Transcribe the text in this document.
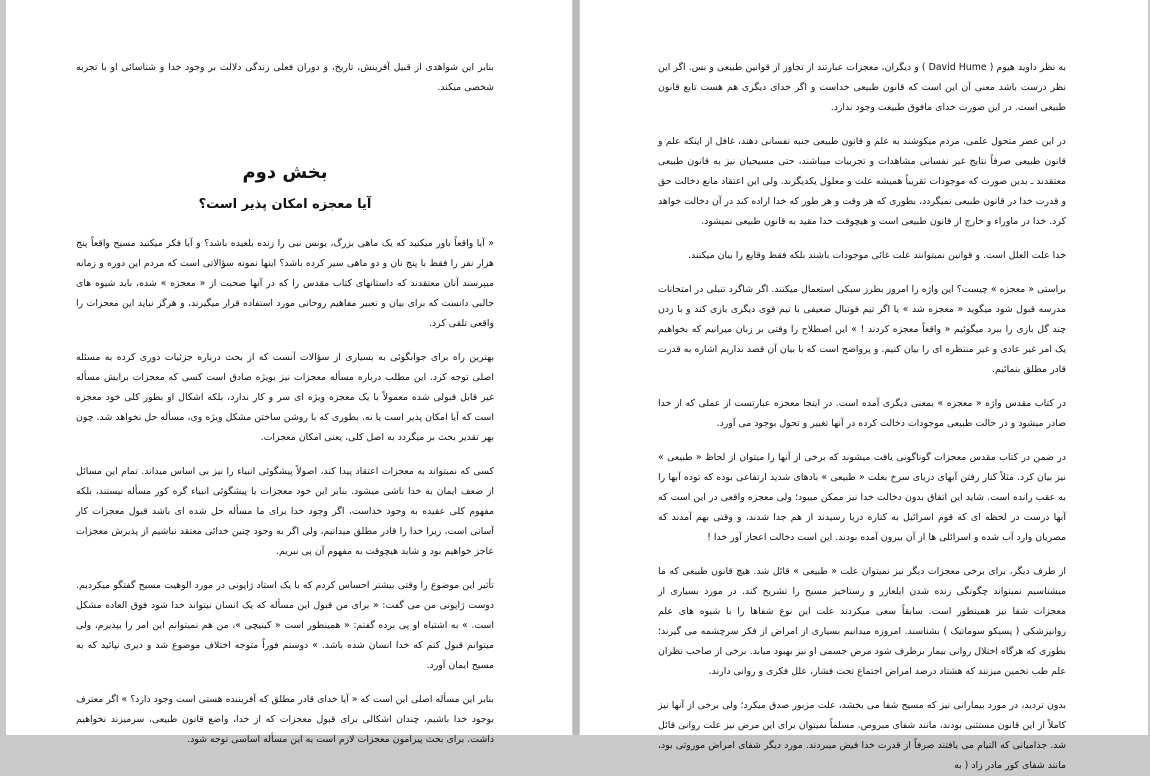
بنابر این شواهدی از قبیل آفرینش، تاریخ، و دوران فعلی زندگی دلالت بر وجود خدا و شناسائی او با تجربه شخصی میکند.

بخش دوم
آیا معجزه امکان پذیر است؟

« آیا واقعاً باور میکنید که یک ماهی بزرگ، یونس نبی را زنده بلعیده باشد؟ و آیا فکر میکنید مسیح واقعاً پنج هزار نفر را فقط با پنج نان و دو ماهی سیر کرده باشد؟ اینها نمونه سؤالاتی است که مردم این دوره و زمانه میپرسند آنان معتقدند که داستانهای کتاب مقدس را که در آنها صحبت از « معجزه » شده، باید شیوه های جالبی دانست که برای بیان و تعبیر مفاهیم روحانی مورد استفاده قرار میگیرند، و هرگز نباید این معجزات را واقعی تلقی کرد.

بهترین راه برای جوابگوئی به بسیاری از سؤالات آنست که از بحث درباره جزئیات دوری کرده به مسئله اصلی توجه کرد. این مطلب درباره مسأله معجزات نیز بویژه صادق است کسی که معجزات برایش مسأله غیر قابل قبولی شده معمولاً با یک معجزه ویژه ای سر و کار ندارد، بلکه اشکال او بطور کلی خود معجزه است که آیا امکان پذیر است یا نه. بطوری که با روشن ساختن مشکل ویژه وی، مسأله حل نخواهد شد. چون بهر تقدیر بحث بر میگردد به اصل کلی، یعنی امکان معجزات.

کسی که نمیتواند به معجزات اعتقاد پیدا کند، اصولاً پیشگوئی انبیاء را نیز بی اساس میداند. تمام این مسائل از ضعف ایمان به خدا ناشی میشود. بنابر این خود معجزات یا پیشگوئی انبیاء گره کور مسأله نیستند، بلکه مفهوم کلی عقیده به وجود خداست، اگر وجود خدا برای ما مسأله حل شده ای باشد قبول معجزات کار آسانی است، زیرا خدا را قادر مطلق میدانیم، ولی اگر به وجود چنین خدائی معتقد نباشیم از پذیرش معجزات عاجز خواهیم بود و شاید هیچوقت به مفهوم آن پی نبریم.

تأثیر این موضوع را وقتی بیشتر احساس کردم که با یک استاد ژاپونی در مورد الوهیت مسیح گفتگو میکردیم. دوست ژاپونی من می گفت: « برای من قبول این مسأله که یک انسان نیتواند خدا شود فوق العاده مشکل است. » به اشتباه او پی برده گفتم: « همینطور است « کینیچی »، من هم نمیتوانم این امر را بپذیرم، ولی میتوانم قبول کنم که خدا انسان شده باشد. » دوستم فوراً متوجه اختلاف موضوع شد و دیری نپائید که به مسیح ایمان آورد.

بنابر این مسأله اصلی این است که « آیا خدای قادر مطلق که آفریننده هستی است وجود دارد؟ » اگر معترف بوجود خدا باشیم، چندان اشکالی برای قبول معجزات که از خدا، واضع قانون طبیعی، سرمیزند نخواهیم داشت. برای بحث پیرامون معجزات لازم است به این مسأله اساسی توجه شود.

به نظر داوید هیوم ( David Hume ) و دیگران، معجزات عبارتند از تجاوز از قوانین طبیعی و بس. اگر این نظر درست باشد معنی آن این است که قانون طبیعی خداست و اگر خدای دیگری هم هست تابع قانون طبیعی است. در این صورت خدای مافوق طبیعت وجود ندارد.

در این عصر متحول علمی، مردم میکوشند به علم و قانون طبیعی جنبه نفسانی دهند، غافل از اینکه علم و قانون طبیعی صرفاً نتایج غیر نفسانی مشاهدات و تجربیات میباشند، حتی مسیحیان نیز به قانون طبیعی معتقدند ـ بدین صورت که موجودات تقریباً همیشه علت و معلول یکدیگرند. ولی این اعتقاد مانع دخالت حق و قدرت خدا در قانون طبیعی نمیگردد، بطوری که هر وقت و هر طور که خدا اراده کند در آن دخالت خواهد کرد. خدا در ماوراء و خارج از قانون طبیعی است و هیچوقت خدا مقید به قانون طبیعی نمیشود.

خدا علت العلل است. و قوانین نمیتوانند علت غائی موجودات باشند بلکه فقط وقایع را بیان میکنند.

براستی « معجزه » چیست؟ این واژه را امروز بطرز سبکی استعمال میکنند. اگر شاگرد تنبلی در امتحانات مدرسه قبول شود میگوید « معجزه شد » یا اگر تیم فوتبال ضعیفی با تیم قوی دیگری بازی کند و با زدن چند گل بازی را ببرد میگوئیم « واقعاً معجزه کردند ! » این اصطلاح را وقتی بر زبان میرانیم که بخواهیم یک امر غیر عادی و غیر منتظره ای را بیان کنیم. و پرواضح است که با بیان آن قصد نداریم اشاره به قدرت قادر مطلق بنمائیم.

در کتاب مقدس واژه « معجزه » بمعنی دیگری آمده است. در اینجا معجزه عبارتست از عملی که از خدا صادر میشود و در حالت طبیعی موجودات دخالت کرده در آنها تغییر و تحول بوجود می آورد.

در ضمن در کتاب مقدس معجزات گوناگونی یافت میشوند که برخی از آنها را میتوان از لحاظ « طبیعی » نیز بیان کرد. مثلاً کنار رفتن آبهای دریای سرخ بعلت « طبیعی » بادهای شدید ارتفاعی بوده که توده آبها را به عقب رانده است. شاید این اتفاق بدون دخالت خدا نیز ممکن میبود؛ ولی معجزه واقعی در این است که آبها درست در لحظه ای که قوم اسرائیل به کناره دریا رسیدند از هم جدا شدند، و وقتی بهم آمدند که مصریان وارد آب شده و اسرائلی ها از آن بیرون آمده بودند. این است دخالت اعجاز آور خدا !

از طرف دیگر، برای برخی معجزات دیگر نیز نمیتوان علت « طبیعی » قائل شد. هیچ قانون طبیعی که ما میشناسیم نمیتواند چگونگی زنده شدن ایلعازر و رستاخیز مسیح را تشریح کند. در مورد بسیاری از معجزات شفا نیز همینطور است. سابقاً سعی میکردند علت این نوع شفاها را با شیوه های علم روانپزشکی ( پسیکو سوماتیک ) بشناسند. امروزه میدانیم بسیاری از امراض از فکر سرچشمه می گیرند؛ بطوری که هرگاه اختلال روانی بیمار برطرف شود مرض جسمی او نیز بهبود میابد. برخی از صاحب نظران علم طب تخمین میزنند که هشتاد درصد امراض اجتماع تحت فشار، علل فکری و روانی دارند.

بدون تردید، در مورد بیمارانی نیز که مسیح شفا می بخشد، علت مزبور صدق میکرد؛ ولی برخی از آنها نیز کاملاً از این قانون مستثنی بودند، مانند شفای مبروص. مسلماً نمیتوان برای این مرض نیز علت روانی قائل شد. جذامیانی که التیام می یافتند صرفاً از قدرت خدا فیض میبردند. مورد دیگر شفای امراض موروثی بود، مانند شفای کور مادر زاد ( به
